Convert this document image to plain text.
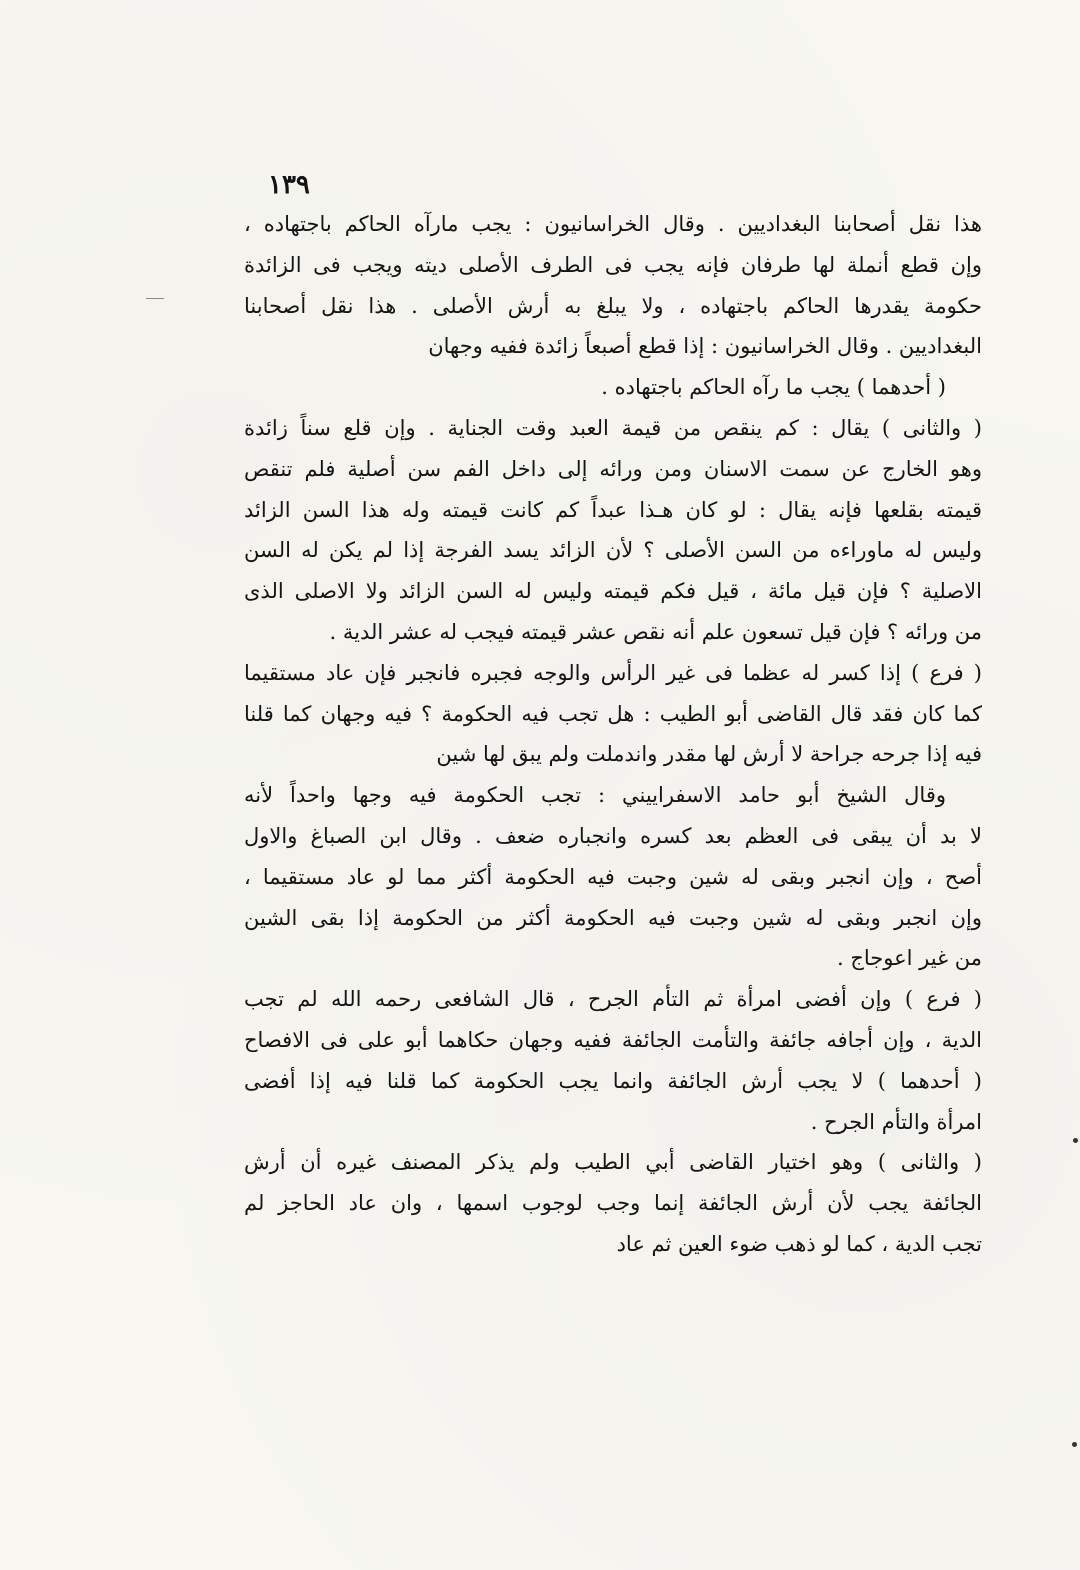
١٣٩
هذا نقل أصحابنا البغداديين . وقال الخراسانيون : يجب مارآه الحاكم باجتهاده ،
وإن قطع أنملة لها طرفان فإنه يجب فى الطرف الأصلى ديته ويجب فى الزائدة
حكومة يقدرها الحاكم باجتهاده ، ولا يبلغ به أرش الأصلى . هذا نقل أصحابنا
البغداديين . وقال الخراسانيون : إذا قطع أصبعاً زائدة ففيه وجهان
( أحدهما ) يجب ما رآه الحاكم باجتهاده .
( والثانى ) يقال : كم ينقص من قيمة العبد وقت الجناية . وإن قلع سناً زائدة
وهو الخارج عن سمت الاسنان ومن ورائه إلى داخل الفم سن أصلية فلم تنقص
قيمته بقلعها فإنه يقال : لو كان هـذا عبداً كم كانت قيمته وله هذا السن الزائد
وليس له ماوراءه من السن الأصلى ؟ لأن الزائد يسد الفرجة إذا لم يكن له السن
الاصلية ؟ فإن قيل مائة ، قيل فكم قيمته وليس له السن الزائد ولا الاصلى الذى
من ورائه ؟ فإن قيل تسعون علم أنه نقص عشر قيمته فيجب له عشر الدية .
( فرع ) إذا كسر له عظما فى غير الرأس والوجه فجبره فانجبر فإن عاد مستقيما
كما كان فقد قال القاضى أبو الطيب : هل تجب فيه الحكومة ؟ فيه وجهان كما قلنا
فيه إذا جرحه جراحة لا أرش لها مقدر واندملت ولم يبق لها شين
وقال الشيخ أبو حامد الاسفراييني : تجب الحكومة فيه وجها واحداً لأنه
لا بد أن يبقى فى العظم بعد كسره وانجباره ضعف . وقال ابن الصباغ والاول
أصح ، وإن انجبر وبقى له شين وجبت فيه الحكومة أكثر مما لو عاد مستقيما ،
وإن انجبر وبقى له شين وجبت فيه الحكومة أكثر من الحكومة إذا بقى الشين
من غير اعوجاج .
( فرع ) وإن أفضى امرأة ثم التأم الجرح ، قال الشافعى رحمه الله لم تجب
الدية ، وإن أجافه جائفة والتأمت الجائفة ففيه وجهان حكاهما أبو على فى الافصاح
( أحدهما ) لا يجب أرش الجائفة وانما يجب الحكومة كما قلنا فيه إذا أفضى
امرأة والتأم الجرح .
( والثانى ) وهو اختيار القاضى أبي الطيب ولم يذكر المصنف غيره أن أرش
الجائفة يجب لأن أرش الجائفة إنما وجب لوجوب اسمها ، وان عاد الحاجز لم
تجب الدية ، كما لو ذهب ضوء العين ثم عاد
